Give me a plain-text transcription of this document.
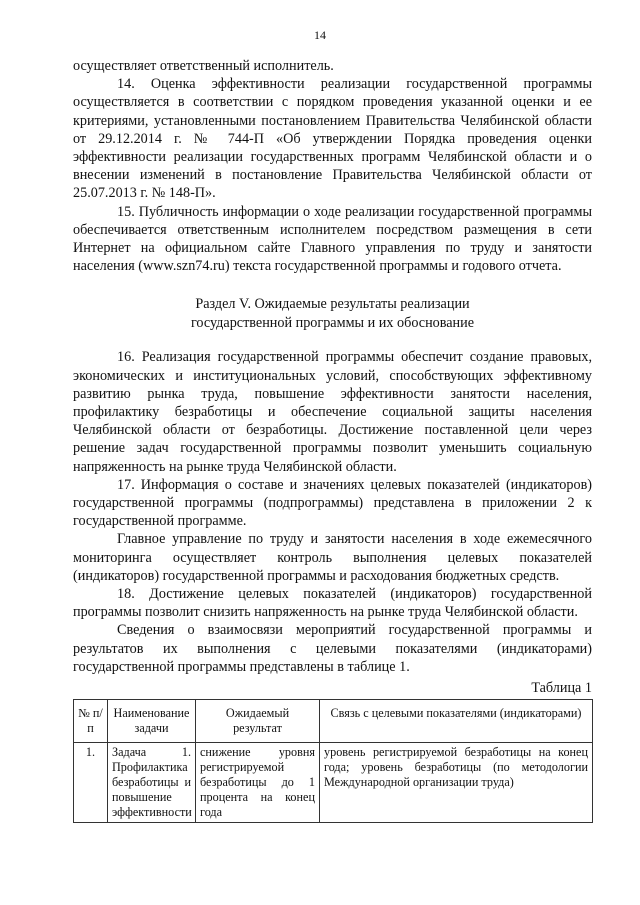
14

осуществляет ответственный исполнитель.

14. Оценка эффективности реализации государственной программы осуществляется в соответствии с порядком проведения указанной оценки и ее критериями, установленными постановлением Правительства Челябинской области от 29.12.2014 г. № 744-П «Об утверждении Порядка проведения оценки эффективности реализации государственных программ Челябинской области и о внесении изменений в постановление Правительства Челябинской области от 25.07.2013 г. № 148-П».

15. Публичность информации о ходе реализации государственной программы обеспечивается ответственным исполнителем посредством размещения в сети Интернет на официальном сайте Главного управления по труду и занятости населения (www.szn74.ru) текста государственной программы и годового отчета.

Раздел V. Ожидаемые результаты реализации
государственной программы и их обоснование

16. Реализация государственной программы обеспечит создание правовых, экономических и институциональных условий, способствующих эффективному развитию рынка труда, повышение эффективности занятости населения, профилактику безработицы и обеспечение социальной защиты населения Челябинской области от безработицы. Достижение поставленной цели через решение задач государственной программы позволит уменьшить социальную напряженность на рынке труда Челябинской области.

17. Информация о составе и значениях целевых показателей (индикаторов) государственной программы (подпрограммы) представлена в приложении 2 к государственной программе.

Главное управление по труду и занятости населения в ходе ежемесячного мониторинга осуществляет контроль выполнения целевых показателей (индикаторов) государственной программы и расходования бюджетных средств.

18. Достижение целевых показателей (индикаторов) государственной программы позволит снизить напряженность на рынке труда Челябинской области.

Сведения о взаимосвязи мероприятий государственной программы и результатов их выполнения с целевыми показателями (индикаторами) государственной программы представлены в таблице 1.

Таблица 1
№ п/п	Наименование задачи	Ожидаемый результат	Связь с целевыми показателями (индикаторами)
1.	Задача 1. Профилактика безработицы и повышение эффективности	снижение уровня регистрируемой безработицы до 1 процента на конец года	уровень регистрируемой безработицы на конец года; уровень безработицы (по методологии Международной организации труда)
